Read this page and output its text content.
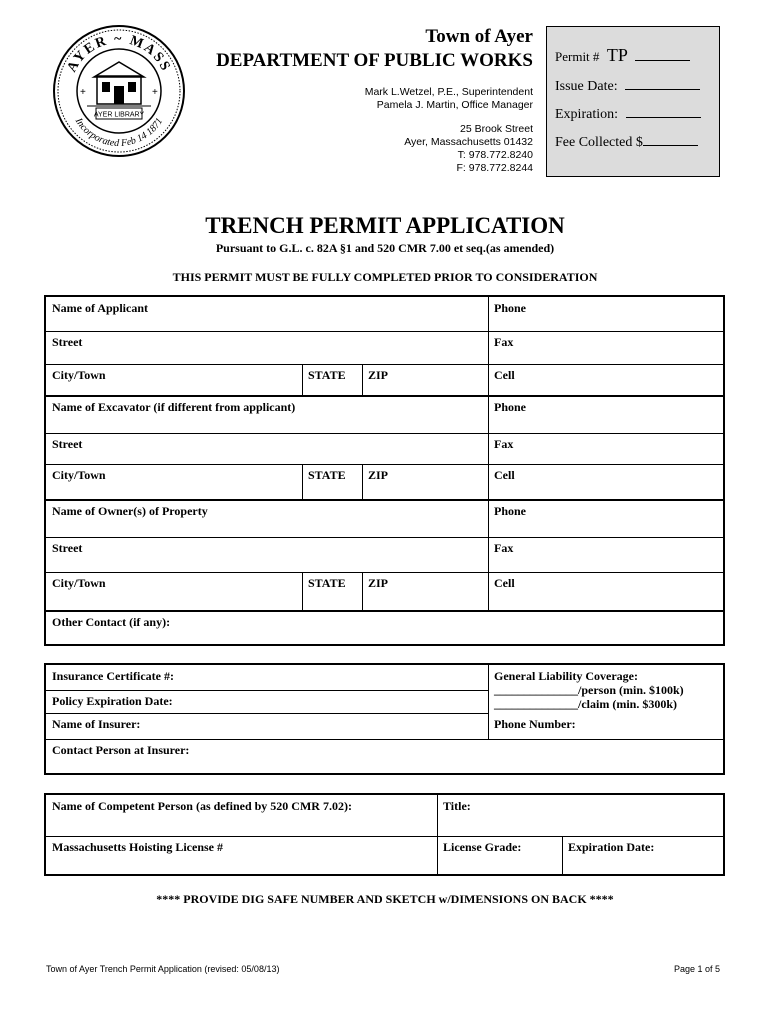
AYER ~ MASS
Incorporated Feb 14 1871
AYER LIBRARY
+	+
Town of Ayer
DEPARTMENT OF PUBLIC WORKS
Mark L.Wetzel, P.E., Superintendent
Pamela J. Martin, Office Manager
25 Brook Street
Ayer, Massachusetts 01432
T: 978.772.8240
F: 978.772.8244
Permit # TP
Issue Date:
Expiration:
Fee Collected $
TRENCH PERMIT APPLICATION
Pursuant to G.L. c. 82A §1 and 520 CMR 7.00 et seq.(as amended)
THIS PERMIT MUST BE FULLY COMPLETED PRIOR TO CONSIDERATION
Name of Applicant	Phone
Street	Fax
City/Town	STATE	ZIP	Cell
Name of Excavator (if different from applicant)	Phone
Street	Fax
City/Town	STATE	ZIP	Cell
Name of Owner(s) of Property	Phone
Street	Fax
City/Town	STATE	ZIP	Cell
Other Contact (if any):
Insurance Certificate #:
Policy Expiration Date:
Name of Insurer:
General Liability Coverage:
______________/person (min. $100k)
______________/claim (min. $300k)
Phone Number:
Contact Person at Insurer:
Name of Competent Person (as defined by 520 CMR 7.02):	Title:
Massachusetts Hoisting License #	License Grade:	Expiration Date:
**** PROVIDE DIG SAFE NUMBER AND SKETCH w/DIMENSIONS ON BACK ****
Town of Ayer Trench Permit Application (revised: 05/08/13)	Page 1 of 5
